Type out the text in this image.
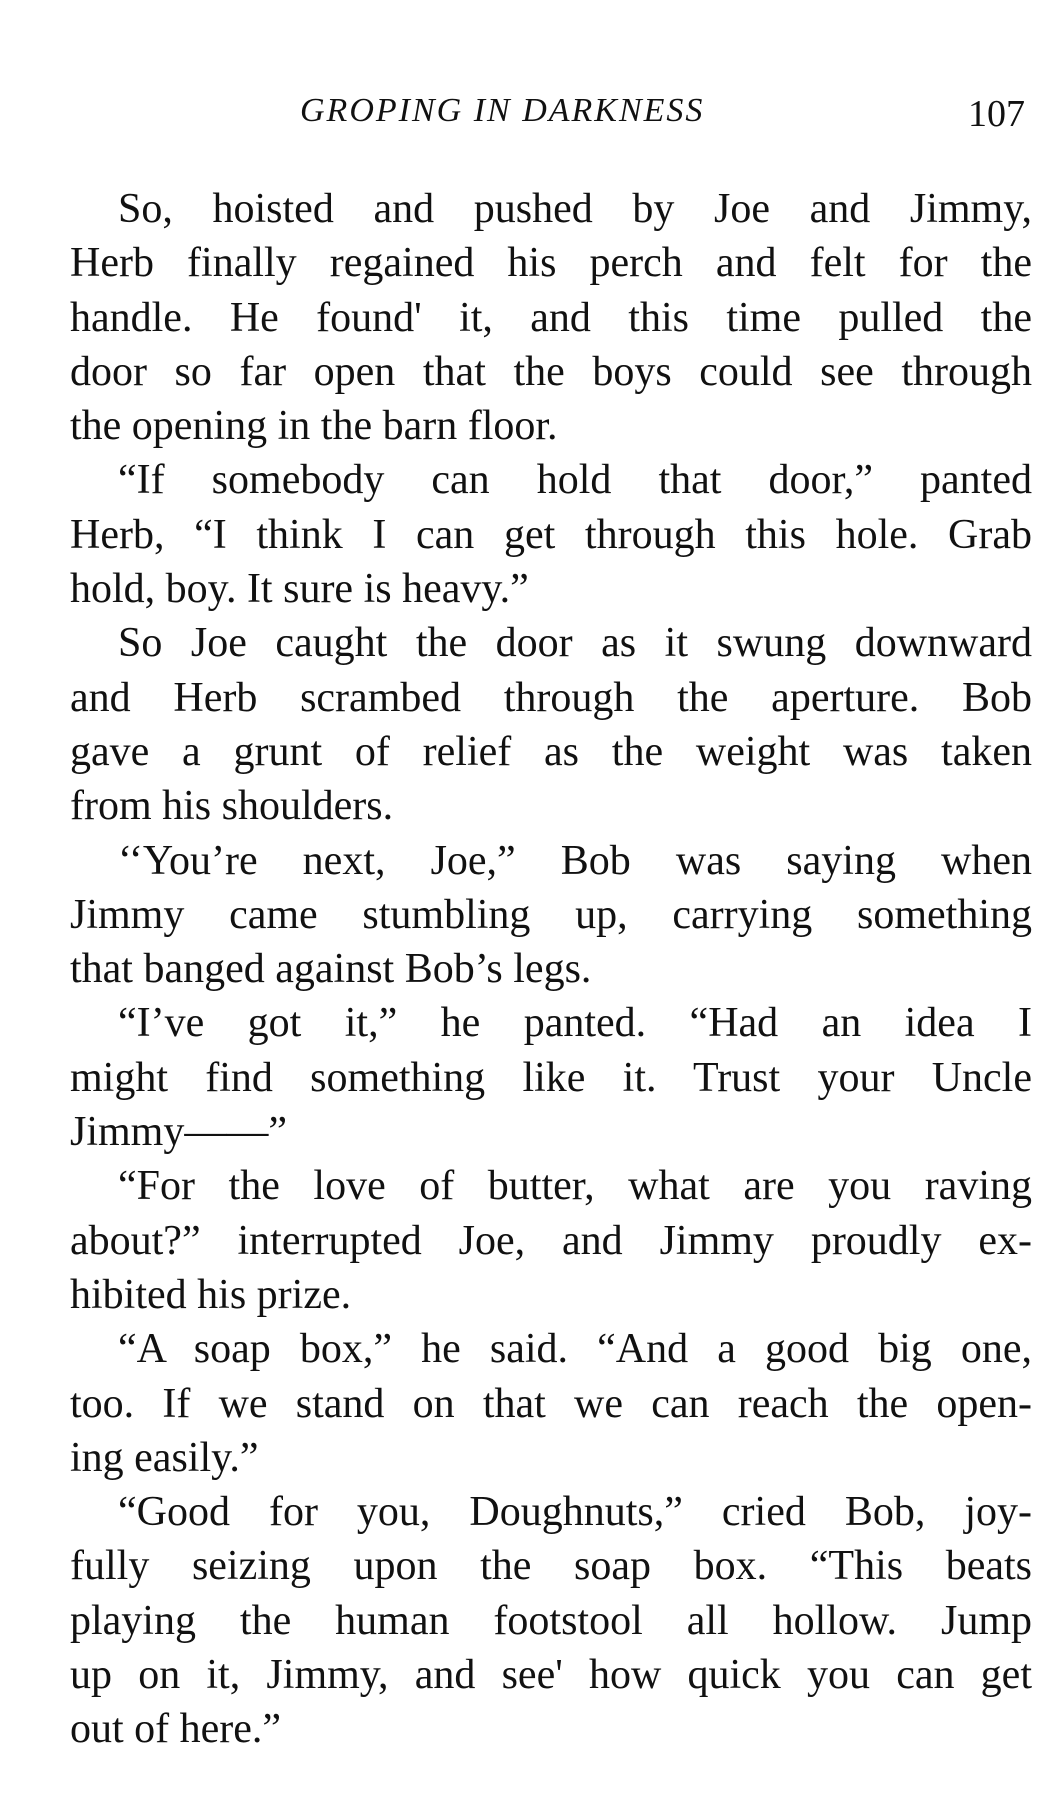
GROPING IN DARKNESS	107
So, hoisted and pushed by Joe and Jimmy,
Herb finally regained his perch and felt for the
handle. He found' it, and this time pulled the
door so far open that the boys could see through
the opening in the barn floor.
“If somebody can hold that door,” panted
Herb, “I think I can get through this hole. Grab
hold, boy. It sure is heavy.”
So Joe caught the door as it swung downward
and Herb scrambed through the aperture. Bob
gave a grunt of relief as the weight was taken
from his shoulders.
‘‘You’re next, Joe,” Bob was saying when
Jimmy came stumbling up, carrying something
that banged against Bob’s legs.
“I’ve got it,” he panted. “Had an idea I
might find something like it. Trust your Uncle
Jimmy——”
“For the love of butter, what are you raving
about?” interrupted Joe, and Jimmy proudly ex-
hibited his prize.
“A soap box,” he said. “And a good big one,
too. If we stand on that we can reach the open-
ing easily.”
“Good for you, Doughnuts,” cried Bob, joy-
fully seizing upon the soap box. “This beats
playing the human footstool all hollow. Jump
up on it, Jimmy, and see' how quick you can get
out of here.”
